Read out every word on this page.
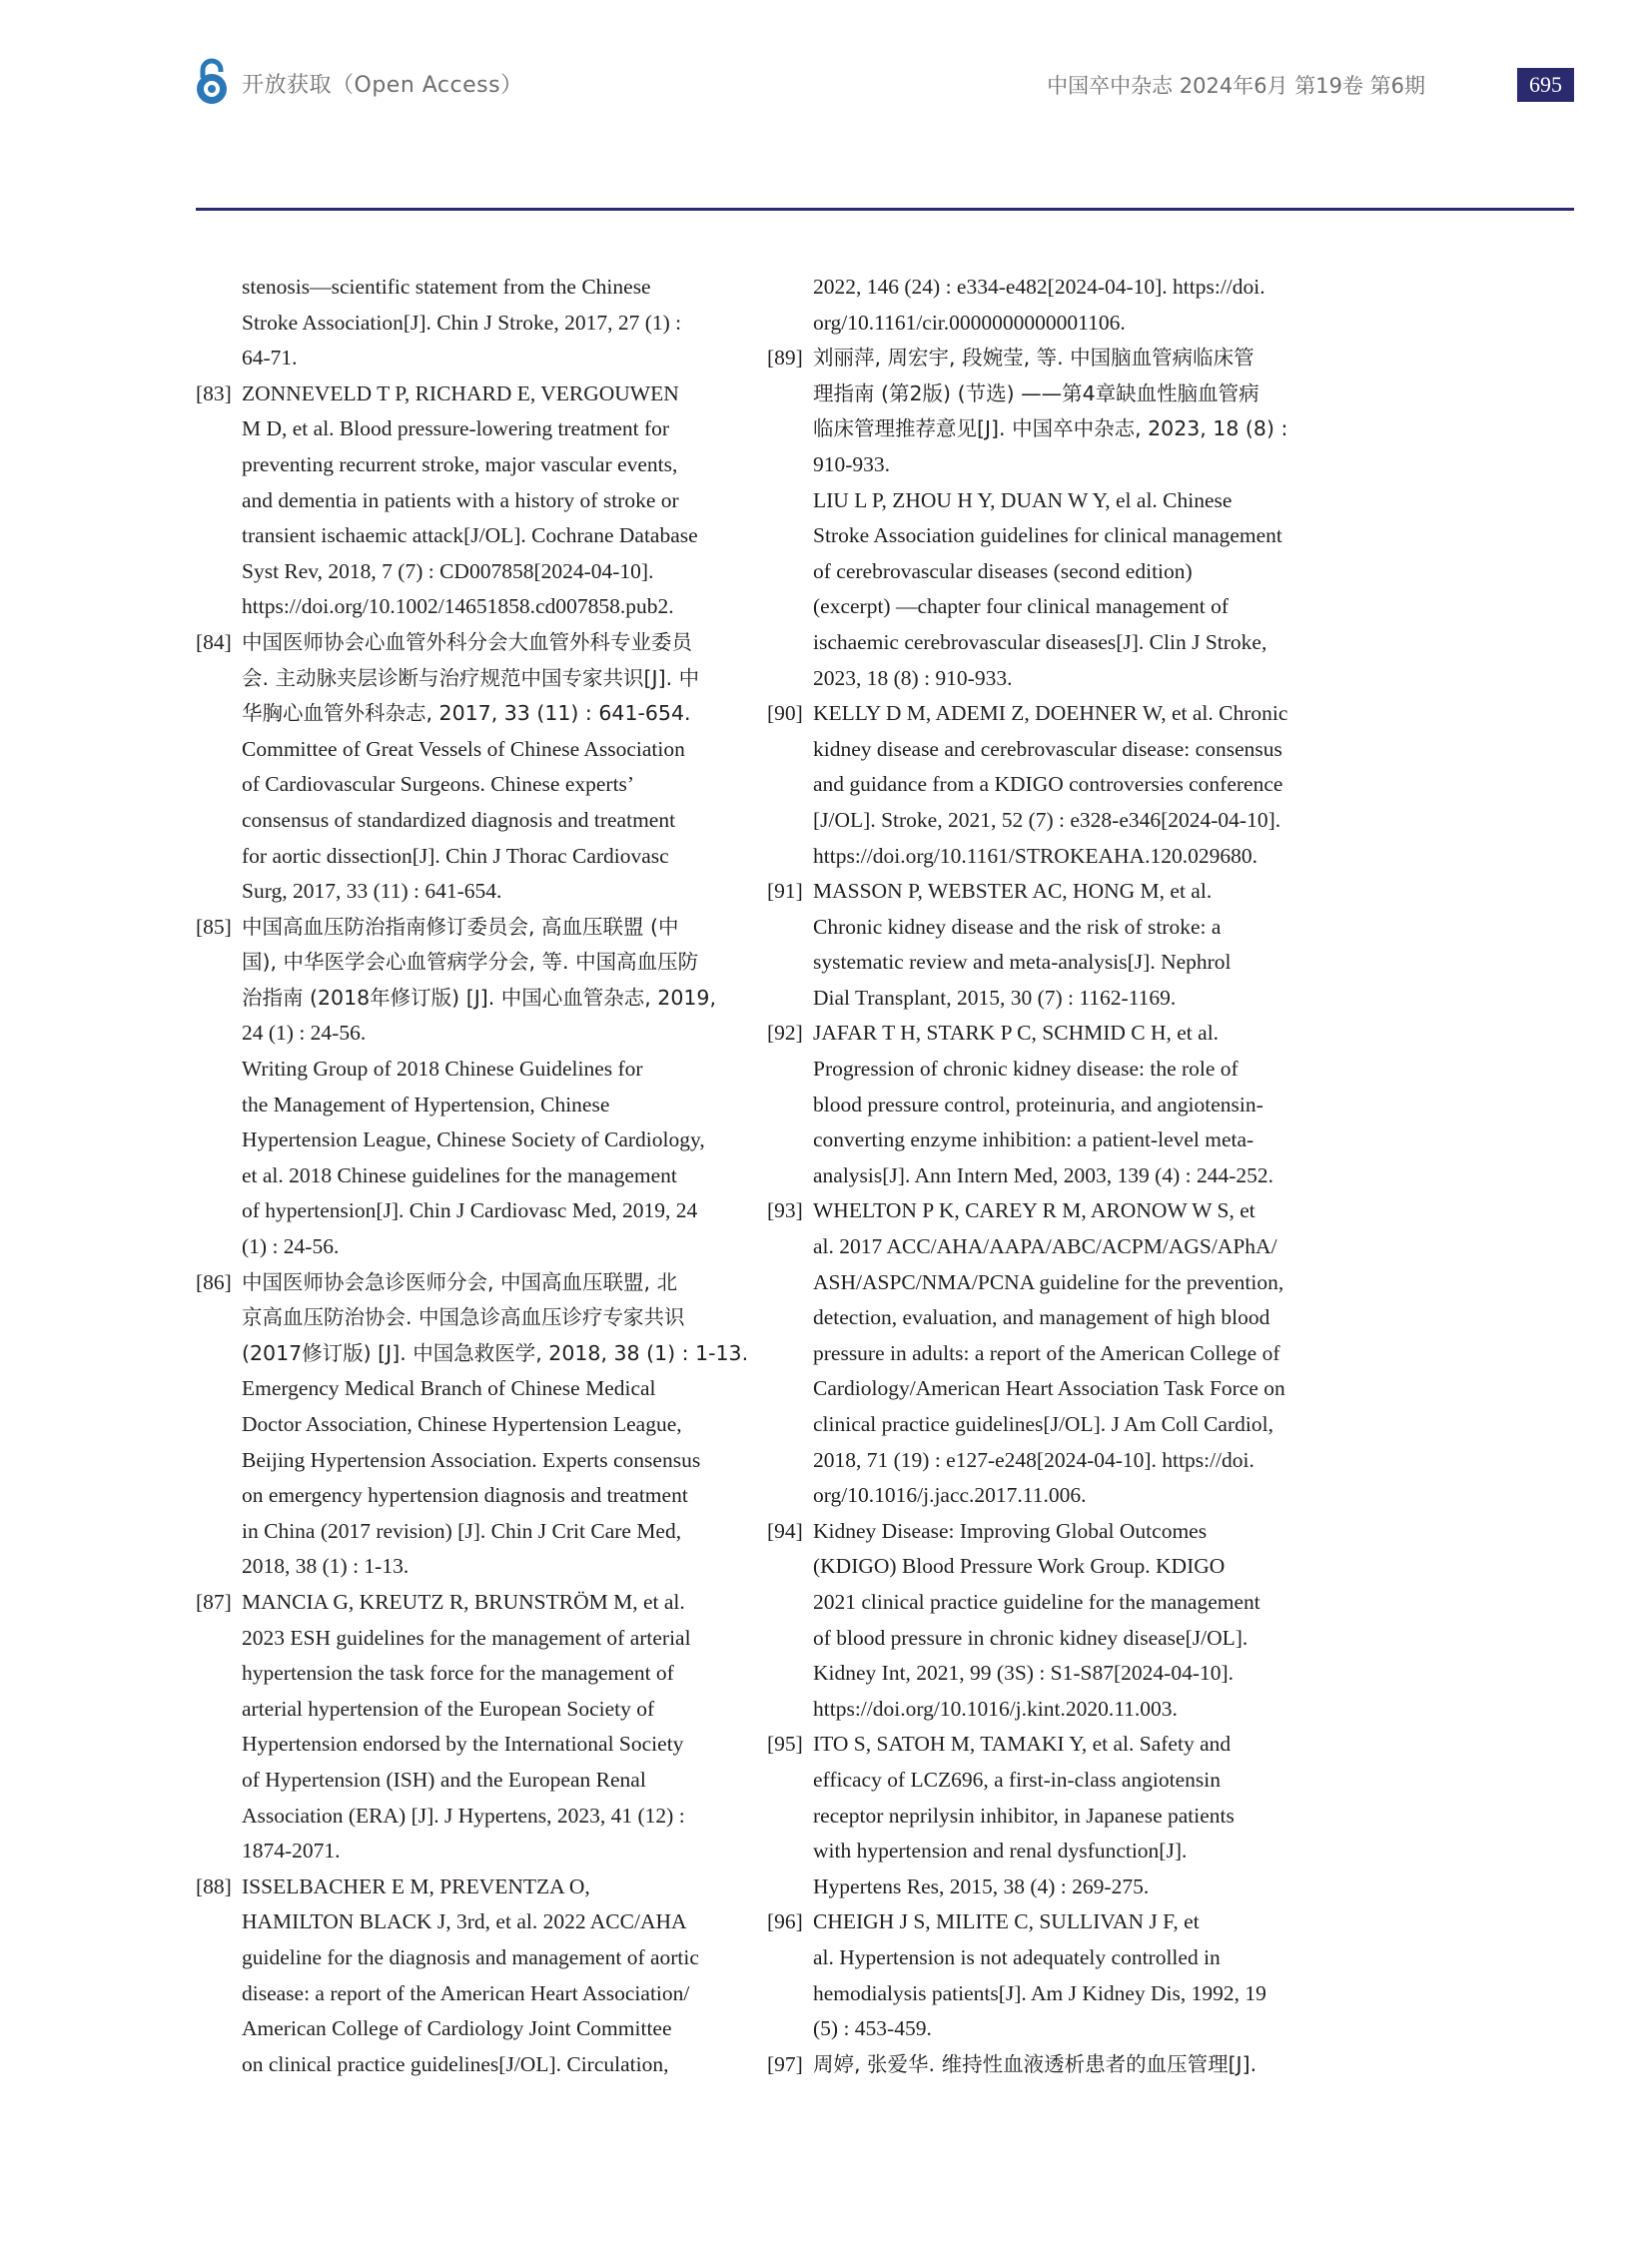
开放获取（Open Access）	中国卒中杂志 2024年6月 第19卷 第6期	695
stenosis—scientific statement from the Chinese
Stroke Association[J]. Chin J Stroke, 2017, 27 (1) :
64-71.
[83] ZONNEVELD T P, RICHARD E, VERGOUWEN
M D, et al. Blood pressure-lowering treatment for
preventing recurrent stroke, major vascular events,
and dementia in patients with a history of stroke or
transient ischaemic attack[J/OL]. Cochrane Database
Syst Rev, 2018, 7 (7) : CD007858[2024-04-10].
https://doi.org/10.1002/14651858.cd007858.pub2.
[84] 中国医师协会心血管外科分会大血管外科专业委员
会. 主动脉夹层诊断与治疗规范中国专家共识[J]. 中
华胸心血管外科杂志, 2017, 33 (11) : 641-654.
Committee of Great Vessels of Chinese Association
of Cardiovascular Surgeons. Chinese experts’
consensus of standardized diagnosis and treatment
for aortic dissection[J]. Chin J Thorac Cardiovasc
Surg, 2017, 33 (11) : 641-654.
[85] 中国高血压防治指南修订委员会, 高血压联盟 (中
国), 中华医学会心血管病学分会, 等. 中国高血压防
治指南 (2018年修订版) [J]. 中国心血管杂志, 2019,
24 (1) : 24-56.
Writing Group of 2018 Chinese Guidelines for
the Management of Hypertension, Chinese
Hypertension League, Chinese Society of Cardiology,
et al. 2018 Chinese guidelines for the management
of hypertension[J]. Chin J Cardiovasc Med, 2019, 24
(1) : 24-56.
[86] 中国医师协会急诊医师分会, 中国高血压联盟, 北
京高血压防治协会. 中国急诊高血压诊疗专家共识
(2017修订版) [J]. 中国急救医学, 2018, 38 (1) : 1-13.
Emergency Medical Branch of Chinese Medical
Doctor Association, Chinese Hypertension League,
Beijing Hypertension Association. Experts consensus
on emergency hypertension diagnosis and treatment
in China (2017 revision) [J]. Chin J Crit Care Med,
2018, 38 (1) : 1-13.
[87] MANCIA G, KREUTZ R, BRUNSTRÖM M, et al.
2023 ESH guidelines for the management of arterial
hypertension the task force for the management of
arterial hypertension of the European Society of
Hypertension endorsed by the International Society
of Hypertension (ISH) and the European Renal
Association (ERA) [J]. J Hypertens, 2023, 41 (12) :
1874-2071.
[88] ISSELBACHER E M, PREVENTZA O,
HAMILTON BLACK J, 3rd, et al. 2022 ACC/AHA
guideline for the diagnosis and management of aortic
disease: a report of the American Heart Association/
American College of Cardiology Joint Committee
on clinical practice guidelines[J/OL]. Circulation,
2022, 146 (24) : e334-e482[2024-04-10]. https://doi.
org/10.1161/cir.0000000000001106.
[89] 刘丽萍, 周宏宇, 段婉莹, 等. 中国脑血管病临床管
理指南 (第2版) (节选) ——第4章缺血性脑血管病
临床管理推荐意见[J]. 中国卒中杂志, 2023, 18 (8) :
910-933.
LIU L P, ZHOU H Y, DUAN W Y, el al. Chinese
Stroke Association guidelines for clinical management
of cerebrovascular diseases (second edition)
(excerpt) —chapter four clinical management of
ischaemic cerebrovascular diseases[J]. Clin J Stroke,
2023, 18 (8) : 910-933.
[90] KELLY D M, ADEMI Z, DOEHNER W, et al. Chronic
kidney disease and cerebrovascular disease: consensus
and guidance from a KDIGO controversies conference
[J/OL]. Stroke, 2021, 52 (7) : e328-e346[2024-04-10].
https://doi.org/10.1161/STROKEAHA.120.029680.
[91] MASSON P, WEBSTER AC, HONG M, et al.
Chronic kidney disease and the risk of stroke: a
systematic review and meta-analysis[J]. Nephrol
Dial Transplant, 2015, 30 (7) : 1162-1169.
[92] JAFAR T H, STARK P C, SCHMID C H, et al.
Progression of chronic kidney disease: the role of
blood pressure control, proteinuria, and angiotensin-
converting enzyme inhibition: a patient-level meta-
analysis[J]. Ann Intern Med, 2003, 139 (4) : 244-252.
[93] WHELTON P K, CAREY R M, ARONOW W S, et
al. 2017 ACC/AHA/AAPA/ABC/ACPM/AGS/APhA/
ASH/ASPC/NMA/PCNA guideline for the prevention,
detection, evaluation, and management of high blood
pressure in adults: a report of the American College of
Cardiology/American Heart Association Task Force on
clinical practice guidelines[J/OL]. J Am Coll Cardiol,
2018, 71 (19) : e127-e248[2024-04-10]. https://doi.
org/10.1016/j.jacc.2017.11.006.
[94] Kidney Disease: Improving Global Outcomes
(KDIGO) Blood Pressure Work Group. KDIGO
2021 clinical practice guideline for the management
of blood pressure in chronic kidney disease[J/OL].
Kidney Int, 2021, 99 (3S) : S1-S87[2024-04-10].
https://doi.org/10.1016/j.kint.2020.11.003.
[95] ITO S, SATOH M, TAMAKI Y, et al. Safety and
efficacy of LCZ696, a first-in-class angiotensin
receptor neprilysin inhibitor, in Japanese patients
with hypertension and renal dysfunction[J].
Hypertens Res, 2015, 38 (4) : 269-275.
[96] CHEIGH J S, MILITE C, SULLIVAN J F, et
al. Hypertension is not adequately controlled in
hemodialysis patients[J]. Am J Kidney Dis, 1992, 19
(5) : 453-459.
[97] 周婷, 张爱华. 维持性血液透析患者的血压管理[J].
